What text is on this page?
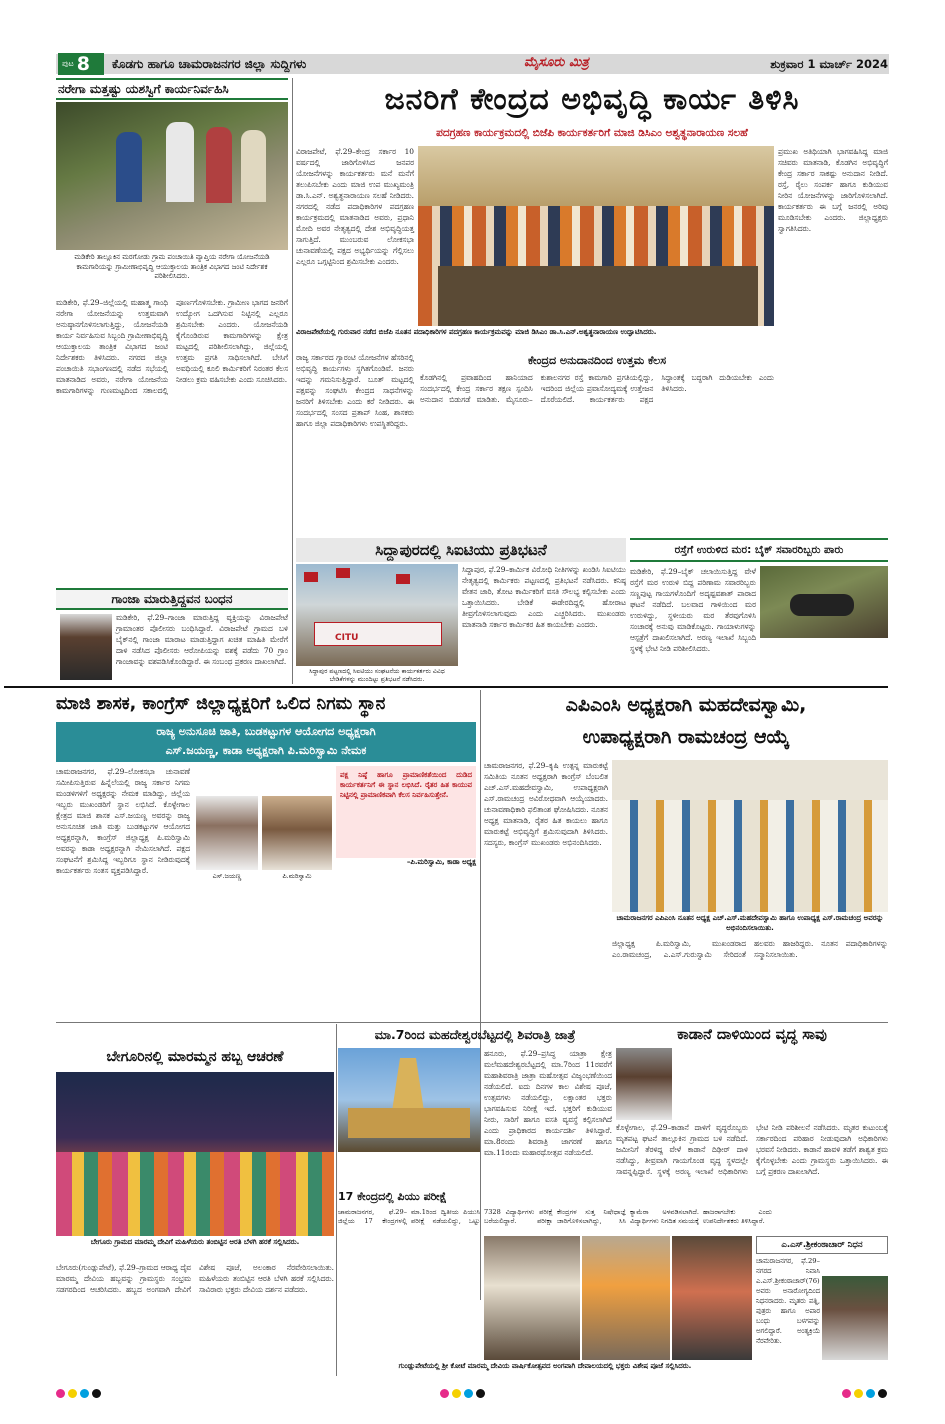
ಪುಟ 8 ಕೊಡಗು ಹಾಗೂ ಚಾಮರಾಜನಗರ ಜಿಲ್ಲಾ ಸುದ್ದಿಗಳು	ಮೈಸೂರು ಮಿತ್ರ	ಶುಕ್ರವಾರ 1 ಮಾರ್ಚ್ 2024
ನರೇಗಾ ಮತ್ತಷ್ಟು ಯಶಸ್ವಿಗೆ ಕಾರ್ಯನಿರ್ವಹಿಸಿ
ಮಡಿಕೇರಿ ತಾಲ್ಲೂಕಿನ ಮರಗೋಡು ಗ್ರಾಮ ಪಂಚಾಯಿತಿ ವ್ಯಾಪ್ತಿಯ ನರೇಗಾ ಯೋಜನೆಯಡಿ ಕಾಮಗಾರಿಯನ್ನು ಗ್ರಾಮೀಣಾಭಿವೃದ್ಧಿ ಆಯುಕ್ತಾಲಯ ತಾಂತ್ರಿಕ ವಿಭಾಗದ ಜಂಟಿ ನಿರ್ದೇಶಕ ಪರಿಶೀಲಿಸಿದರು.
ಮಡಿಕೇರಿ, ಫೆ.29–ಜಿಲ್ಲೆಯಲ್ಲಿ ಮಹಾತ್ಮ ಗಾಂಧಿ ನರೇಗಾ ಯೋಜನೆಯನ್ನು ಉತ್ತಮವಾಗಿ ಅನುಷ್ಠಾನಗೊಳಿಸಲಾಗುತ್ತಿದ್ದು, ಯೋಜನೆಯಡಿ ಕಾರ್ಯ ನಿರ್ವಹಿಸುವ ಸಿಬ್ಬಂದಿ ಗ್ರಾಮೀಣಾಭಿವೃದ್ಧಿ ಆಯುಕ್ತಾಲಯ ತಾಂತ್ರಿಕ ವಿಭಾಗದ ಜಂಟಿ ನಿರ್ದೇಶಕರು ತಿಳಿಸಿದರು. ನಗರದ ಜಿಲ್ಲಾ ಪಂಚಾಯಿತಿ ಸಭಾಂಗಣದಲ್ಲಿ ನಡೆದ ಸಭೆಯಲ್ಲಿ ಮಾತನಾಡಿದ ಅವರು, ನರೇಗಾ ಯೋಜನೆಯ ಕಾಮಗಾರಿಗಳನ್ನು ಗುಣಮಟ್ಟದಿಂದ ಸಕಾಲದಲ್ಲಿ ಪೂರ್ಣಗೊಳಿಸಬೇಕು. ಗ್ರಾಮೀಣ ಭಾಗದ ಜನರಿಗೆ ಉದ್ಯೋಗ ಒದಗಿಸುವ ನಿಟ್ಟಿನಲ್ಲಿ ಎಲ್ಲರೂ ಶ್ರಮಿಸಬೇಕು ಎಂದರು. ಯೋಜನೆಯಡಿ ಕೈಗೊಂಡಿರುವ ಕಾಮಗಾರಿಗಳನ್ನು ಕ್ಷೇತ್ರ ಮಟ್ಟದಲ್ಲಿ ಪರಿಶೀಲಿಸಲಾಗಿದ್ದು, ಜಿಲ್ಲೆಯಲ್ಲಿ ಉತ್ತಮ ಪ್ರಗತಿ ಸಾಧಿಸಲಾಗಿದೆ. ಬೇಸಿಗೆ ಅವಧಿಯಲ್ಲಿ ಕೂಲಿ ಕಾರ್ಮಿಕರಿಗೆ ನಿರಂತರ ಕೆಲಸ ನೀಡಲು ಕ್ರಮ ವಹಿಸಬೇಕು ಎಂದು ಸೂಚಿಸಿದರು.
ಗಾಂಜಾ ಮಾರುತ್ತಿದ್ದವನ ಬಂಧನ
ಮಡಿಕೇರಿ, ಫೆ.29–ಗಾಂಜಾ ಮಾರುತ್ತಿದ್ದ ವ್ಯಕ್ತಿಯನ್ನು ವಿರಾಜಪೇಟೆ ಗ್ರಾಮಾಂತರ ಪೊಲೀಸರು ಬಂಧಿಸಿದ್ದಾರೆ. ವಿರಾಜಪೇಟೆ ಗ್ರಾಮದ ಬಳಿ ಬೈಕ್‌ನಲ್ಲಿ ಗಾಂಜಾ ಮಾರಾಟ ಮಾಡುತ್ತಿದ್ದಾಗ ಖಚಿತ ಮಾಹಿತಿ ಮೇರೆಗೆ ದಾಳಿ ನಡೆಸಿದ ಪೊಲೀಸರು ಆರೋಪಿಯನ್ನು ವಶಕ್ಕೆ ಪಡೆದು 70 ಗ್ರಾಂ ಗಾಂಜಾವನ್ನು ವಶಪಡಿಸಿಕೊಂಡಿದ್ದಾರೆ. ಈ ಸಂಬಂಧ ಪ್ರಕರಣ ದಾಖಲಾಗಿದೆ.
ಜನರಿಗೆ ಕೇಂದ್ರದ ಅಭಿವೃದ್ಧಿ ಕಾರ್ಯ ತಿಳಿಸಿ
ಪದಗ್ರಹಣ ಕಾರ್ಯಕ್ರಮದಲ್ಲಿ ಬಿಜೆಪಿ ಕಾರ್ಯಕರ್ತರಿಗೆ ಮಾಜಿ ಡಿಸಿಎಂ ಅಶ್ವತ್ಥನಾರಾಯಣ ಸಲಹೆ
ವಿರಾಜಪೇಟೆ, ಫೆ.29–ಕೇಂದ್ರ ಸರ್ಕಾರ 10 ವರ್ಷದಲ್ಲಿ ಜಾರಿಗೊಳಿಸಿದ ಜನಪರ ಯೋಜನೆಗಳನ್ನು ಕಾರ್ಯಕರ್ತರು ಮನೆ ಮನೆಗೆ ತಲುಪಿಸಬೇಕು ಎಂದು ಮಾಜಿ ಉಪ ಮುಖ್ಯಮಂತ್ರಿ ಡಾ.ಸಿ.ಎನ್. ಅಶ್ವತ್ಥನಾರಾಯಣ ಸಲಹೆ ನೀಡಿದರು. ನಗರದಲ್ಲಿ ನಡೆದ ಪದಾಧಿಕಾರಿಗಳ ಪದಗ್ರಹಣ ಕಾರ್ಯಕ್ರಮದಲ್ಲಿ ಮಾತನಾಡಿದ ಅವರು, ಪ್ರಧಾನಿ ಮೋದಿ ಅವರ ನೇತೃತ್ವದಲ್ಲಿ ದೇಶ ಅಭಿವೃದ್ಧಿಯತ್ತ ಸಾಗುತ್ತಿದೆ. ಮುಂಬರುವ ಲೋಕಸಭಾ ಚುನಾವಣೆಯಲ್ಲಿ ಪಕ್ಷದ ಅಭ್ಯರ್ಥಿಯನ್ನು ಗೆಲ್ಲಿಸಲು ಎಲ್ಲರೂ ಒಗ್ಗಟ್ಟಿನಿಂದ ಶ್ರಮಿಸಬೇಕು ಎಂದರು.
ಪ್ರಮುಖ ಅತಿಥಿಯಾಗಿ ಭಾಗವಹಿಸಿದ್ದ ಮಾಜಿ ಸಚಿವರು ಮಾತನಾಡಿ, ಕೊಡಗಿನ ಅಭಿವೃದ್ಧಿಗೆ ಕೇಂದ್ರ ಸರ್ಕಾರ ಸಾಕಷ್ಟು ಅನುದಾನ ನೀಡಿದೆ. ರಸ್ತೆ, ರೈಲು ಸಂಪರ್ಕ ಹಾಗೂ ಕುಡಿಯುವ ನೀರಿನ ಯೋಜನೆಗಳನ್ನು ಜಾರಿಗೊಳಿಸಲಾಗಿದೆ. ಕಾರ್ಯಕರ್ತರು ಈ ಬಗ್ಗೆ ಜನರಲ್ಲಿ ಅರಿವು ಮೂಡಿಸಬೇಕು ಎಂದರು. ಜಿಲ್ಲಾಧ್ಯಕ್ಷರು ಸ್ವಾಗತಿಸಿದರು.
ವಿರಾಜಪೇಟೆಯಲ್ಲಿ ಗುರುವಾರ ನಡೆದ ಬಿಜೆಪಿ ನೂತನ ಪದಾಧಿಕಾರಿಗಳ ಪದಗ್ರಹಣ ಕಾರ್ಯಕ್ರಮವನ್ನು ಮಾಜಿ ಡಿಸಿಎಂ ಡಾ.ಸಿ.ಎನ್.ಅಶ್ವತ್ಥನಾರಾಯಣ ಉದ್ಘಾಟಿಸಿದರು.
ರಾಜ್ಯ ಸರ್ಕಾರದ ಗ್ಯಾರಂಟಿ ಯೋಜನೆಗಳ ಹೆಸರಿನಲ್ಲಿ ಅಭಿವೃದ್ಧಿ ಕಾರ್ಯಗಳು ಸ್ಥಗಿತಗೊಂಡಿವೆ. ಜನರು ಇದನ್ನು ಗಮನಿಸುತ್ತಿದ್ದಾರೆ. ಬೂತ್ ಮಟ್ಟದಲ್ಲಿ ಪಕ್ಷವನ್ನು ಸಂಘಟಿಸಿ ಕೇಂದ್ರದ ಸಾಧನೆಗಳನ್ನು ಜನರಿಗೆ ತಿಳಿಸಬೇಕು ಎಂದು ಕರೆ ನೀಡಿದರು. ಈ ಸಂದರ್ಭದಲ್ಲಿ ಸಂಸದ ಪ್ರತಾಪ್ ಸಿಂಹ, ಶಾಸಕರು ಹಾಗೂ ಜಿಲ್ಲಾ ಪದಾಧಿಕಾರಿಗಳು ಉಪಸ್ಥಿತರಿದ್ದರು.
ಕೇಂದ್ರದ ಅನುದಾನದಿಂದ ಉತ್ತಮ ಕೆಲಸ
ಕೊಡಗಿನಲ್ಲಿ ಪ್ರವಾಹದಿಂದ ಹಾನಿಯಾದ ಸಂದರ್ಭದಲ್ಲಿ ಕೇಂದ್ರ ಸರ್ಕಾರ ತಕ್ಷಣ ಸ್ಪಂದಿಸಿ ಅನುದಾನ ಬಿಡುಗಡೆ ಮಾಡಿತು. ಮೈಸೂರು–ಕುಶಾಲನಗರ ರಸ್ತೆ ಕಾಮಗಾರಿ ಪ್ರಗತಿಯಲ್ಲಿದ್ದು, ಇದರಿಂದ ಜಿಲ್ಲೆಯ ಪ್ರವಾಸೋದ್ಯಮಕ್ಕೆ ಉತ್ತೇಜನ ದೊರೆಯಲಿದೆ. ಕಾರ್ಯಕರ್ತರು ಪಕ್ಷದ ಸಿದ್ಧಾಂತಕ್ಕೆ ಬದ್ಧರಾಗಿ ದುಡಿಯಬೇಕು ಎಂದು ತಿಳಿಸಿದರು.
ಸಿದ್ದಾಪುರದಲ್ಲಿ ಸಿಐಟಿಯು ಪ್ರತಿಭಟನೆ
CITU
ಸಿದ್ದಾಪುರ, ಫೆ.29–ಕಾರ್ಮಿಕ ವಿರೋಧಿ ನೀತಿಗಳನ್ನು ಖಂಡಿಸಿ ಸಿಐಟಿಯು ನೇತೃತ್ವದಲ್ಲಿ ಕಾರ್ಮಿಕರು ಪಟ್ಟಣದಲ್ಲಿ ಪ್ರತಿಭಟನೆ ನಡೆಸಿದರು. ಕನಿಷ್ಠ ವೇತನ ಜಾರಿ, ತೋಟ ಕಾರ್ಮಿಕರಿಗೆ ವಸತಿ ಸೌಲಭ್ಯ ಕಲ್ಪಿಸಬೇಕು ಎಂದು ಒತ್ತಾಯಿಸಿದರು. ಬೇಡಿಕೆ ಈಡೇರದಿದ್ದಲ್ಲಿ ಹೋರಾಟ ತೀವ್ರಗೊಳಿಸಲಾಗುವುದು ಎಂದು ಎಚ್ಚರಿಸಿದರು. ಮುಖಂಡರು ಮಾತನಾಡಿ ಸರ್ಕಾರ ಕಾರ್ಮಿಕರ ಹಿತ ಕಾಯಬೇಕು ಎಂದರು.
ಸಿದ್ದಾಪುರ ಪಟ್ಟಣದಲ್ಲಿ ಸಿಐಟಿಯು ಸಂಘಟನೆಯ ಕಾರ್ಯಕರ್ತರು ವಿವಿಧ ಬೇಡಿಕೆಗಳನ್ನು ಮುಂದಿಟ್ಟು ಪ್ರತಿಭಟನೆ ನಡೆಸಿದರು.
ರಸ್ತೆಗೆ ಉರುಳಿದ ಮರ: ಬೈಕ್ ಸವಾರರಿಬ್ಬರು ಪಾರು
ಮಡಿಕೇರಿ, ಫೆ.29–ಬೈಕ್ ಚಲಾಯಿಸುತ್ತಿದ್ದ ವೇಳೆ ರಸ್ತೆಗೆ ಮರ ಉರುಳಿ ಬಿದ್ದ ಪರಿಣಾಮ ಸವಾರರಿಬ್ಬರು ಸಣ್ಣಪುಟ್ಟ ಗಾಯಗಳೊಂದಿಗೆ ಅದೃಷ್ಟವಶಾತ್ ಪಾರಾದ ಘಟನೆ ನಡೆದಿದೆ. ಬಲವಾದ ಗಾಳಿಯಿಂದ ಮರ ಉರುಳಿದ್ದು, ಸ್ಥಳೀಯರು ಮರ ತೆರವುಗೊಳಿಸಿ ಸಂಚಾರಕ್ಕೆ ಅನುವು ಮಾಡಿಕೊಟ್ಟರು. ಗಾಯಾಳುಗಳನ್ನು ಆಸ್ಪತ್ರೆಗೆ ದಾಖಲಿಸಲಾಗಿದೆ. ಅರಣ್ಯ ಇಲಾಖೆ ಸಿಬ್ಬಂದಿ ಸ್ಥಳಕ್ಕೆ ಭೇಟಿ ನೀಡಿ ಪರಿಶೀಲಿಸಿದರು.
ಮಾಜಿ ಶಾಸಕ, ಕಾಂಗ್ರೆಸ್ ಜಿಲ್ಲಾಧ್ಯಕ್ಷರಿಗೆ ಒಲಿದ ನಿಗಮ ಸ್ಥಾನ
ರಾಜ್ಯ ಅನುಸೂಚಿ ಜಾತಿ, ಬುಡಕಟ್ಟುಗಳ ಆಯೋಗದ ಅಧ್ಯಕ್ಷರಾಗಿ
ಎಸ್.ಜಯಣ್ಣ, ಕಾಡಾ ಅಧ್ಯಕ್ಷರಾಗಿ ಪಿ.ಮರಿಸ್ವಾಮಿ ನೇಮಕ
ಚಾಮರಾಜನಗರ, ಫೆ.29–ಲೋಕಸಭಾ ಚುನಾವಣೆ ಸಮೀಪಿಸುತ್ತಿರುವ ಹಿನ್ನೆಲೆಯಲ್ಲಿ ರಾಜ್ಯ ಸರ್ಕಾರ ನಿಗಮ ಮಂಡಳಿಗಳಿಗೆ ಅಧ್ಯಕ್ಷರನ್ನು ನೇಮಕ ಮಾಡಿದ್ದು, ಜಿಲ್ಲೆಯ ಇಬ್ಬರು ಮುಖಂಡರಿಗೆ ಸ್ಥಾನ ಲಭಿಸಿದೆ. ಕೊಳ್ಳೇಗಾಲ ಕ್ಷೇತ್ರದ ಮಾಜಿ ಶಾಸಕ ಎಸ್.ಜಯಣ್ಣ ಅವರನ್ನು ರಾಜ್ಯ ಅನುಸೂಚಿತ ಜಾತಿ ಮತ್ತು ಬುಡಕಟ್ಟುಗಳ ಆಯೋಗದ ಅಧ್ಯಕ್ಷರನ್ನಾಗಿ, ಕಾಂಗ್ರೆಸ್ ಜಿಲ್ಲಾಧ್ಯಕ್ಷ ಪಿ.ಮರಿಸ್ವಾಮಿ ಅವರನ್ನು ಕಾಡಾ ಅಧ್ಯಕ್ಷರನ್ನಾಗಿ ನೇಮಿಸಲಾಗಿದೆ. ಪಕ್ಷದ ಸಂಘಟನೆಗೆ ಶ್ರಮಿಸಿದ್ದ ಇಬ್ಬರಿಗೂ ಸ್ಥಾನ ನೀಡಿರುವುದಕ್ಕೆ ಕಾರ್ಯಕರ್ತರು ಸಂತಸ ವ್ಯಕ್ತಪಡಿಸಿದ್ದಾರೆ.
ಎಸ್.ಜಯಣ್ಣ	ಪಿ.ಮರಿಸ್ವಾಮಿ
ಪಕ್ಷ ನಿಷ್ಠೆ ಹಾಗೂ ಪ್ರಾಮಾಣಿಕತೆಯಿಂದ ದುಡಿದ ಕಾರ್ಯಕರ್ತನಿಗೆ ಈ ಸ್ಥಾನ ಲಭಿಸಿದೆ. ರೈತರ ಹಿತ ಕಾಯುವ ನಿಟ್ಟಿನಲ್ಲಿ ಪ್ರಾಮಾಣಿಕವಾಗಿ ಕೆಲಸ ನಿರ್ವಹಿಸುತ್ತೇನೆ.
–ಪಿ.ಮರಿಸ್ವಾಮಿ, ಕಾಡಾ ಅಧ್ಯಕ್ಷ
ಎಪಿಎಂಸಿ ಅಧ್ಯಕ್ಷರಾಗಿ ಮಹದೇವಸ್ವಾಮಿ,
ಉಪಾಧ್ಯಕ್ಷರಾಗಿ ರಾಮಚಂದ್ರ ಆಯ್ಕೆ
ಚಾಮರಾಜನಗರ, ಫೆ.29–ಕೃಷಿ ಉತ್ಪನ್ನ ಮಾರುಕಟ್ಟೆ ಸಮಿತಿಯ ನೂತನ ಅಧ್ಯಕ್ಷರಾಗಿ ಕಾಂಗ್ರೆಸ್ ಬೆಂಬಲಿತ ಎಚ್.ಎಸ್.ಮಹದೇವಸ್ವಾಮಿ, ಉಪಾಧ್ಯಕ್ಷರಾಗಿ ಎಸ್.ರಾಮಚಂದ್ರ ಅವಿರೋಧವಾಗಿ ಆಯ್ಕೆಯಾದರು. ಚುನಾವಣಾಧಿಕಾರಿ ಫಲಿತಾಂಶ ಘೋಷಿಸಿದರು. ನೂತನ ಅಧ್ಯಕ್ಷ ಮಾತನಾಡಿ, ರೈತರ ಹಿತ ಕಾಯಲು ಹಾಗೂ ಮಾರುಕಟ್ಟೆ ಅಭಿವೃದ್ಧಿಗೆ ಶ್ರಮಿಸುವುದಾಗಿ ತಿಳಿಸಿದರು. ಸದಸ್ಯರು, ಕಾಂಗ್ರೆಸ್ ಮುಖಂಡರು ಅಭಿನಂದಿಸಿದರು.
ಚಾಮರಾಜನಗರ ಎಪಿಎಂಸಿ ನೂತನ ಅಧ್ಯಕ್ಷ ಎಚ್.ಎಸ್.ಮಹದೇವಸ್ವಾಮಿ ಹಾಗೂ ಉಪಾಧ್ಯಕ್ಷ ಎಸ್.ರಾಮಚಂದ್ರ ಅವರನ್ನು ಅಭಿನಂದಿಸಲಾಯಿತು.
ಜಿಲ್ಲಾಧ್ಯಕ್ಷ ಪಿ.ಮರಿಸ್ವಾಮಿ, ಮುಖಂಡರಾದ ಎಂ.ರಾಮಚಂದ್ರ, ಎ.ಎಸ್.ಗುರುಸ್ವಾಮಿ ಸೇರಿದಂತೆ ಹಲವರು ಹಾಜರಿದ್ದರು. ನೂತನ ಪದಾಧಿಕಾರಿಗಳನ್ನು ಸನ್ಮಾನಿಸಲಾಯಿತು.
ಮಾ.7ರಿಂದ ಮಹದೇಶ್ವರಬೆಟ್ಟದಲ್ಲಿ ಶಿವರಾತ್ರಿ ಜಾತ್ರೆ
ಹನೂರು, ಫೆ.29–ಪ್ರಸಿದ್ಧ ಯಾತ್ರಾ ಕ್ಷೇತ್ರ ಮಲೆಮಹದೇಶ್ವರಬೆಟ್ಟದಲ್ಲಿ ಮಾ.7ರಿಂದ 11ರವರೆಗೆ ಮಹಾಶಿವರಾತ್ರಿ ಜಾತ್ರಾ ಮಹೋತ್ಸವ ವಿಜೃಂಭಣೆಯಿಂದ ನಡೆಯಲಿದೆ. ಐದು ದಿನಗಳ ಕಾಲ ವಿಶೇಷ ಪೂಜೆ, ಉತ್ಸವಗಳು ನಡೆಯಲಿದ್ದು, ಲಕ್ಷಾಂತರ ಭಕ್ತರು ಭಾಗವಹಿಸುವ ನಿರೀಕ್ಷೆ ಇದೆ. ಭಕ್ತರಿಗೆ ಕುಡಿಯುವ ನೀರು, ಸಾರಿಗೆ ಹಾಗೂ ವಸತಿ ವ್ಯವಸ್ಥೆ ಕಲ್ಪಿಸಲಾಗಿದೆ ಎಂದು ಪ್ರಾಧಿಕಾರದ ಕಾರ್ಯದರ್ಶಿ ತಿಳಿಸಿದ್ದಾರೆ. ಮಾ.8ರಂದು ಶಿವರಾತ್ರಿ ಜಾಗರಣೆ ಹಾಗೂ ಮಾ.11ರಂದು ಮಹಾರಥೋತ್ಸವ ನಡೆಯಲಿದೆ.
17 ಕೇಂದ್ರದಲ್ಲಿ ಪಿಯು ಪರೀಕ್ಷೆ
ಚಾಮರಾಜನಗರ, ಫೆ.29–ಜಿಲ್ಲೆಯ 17 ಕೇಂದ್ರಗಳಲ್ಲಿ ಮಾ.1ರಿಂದ ದ್ವಿತೀಯ ಪಿಯುಸಿ ಪರೀಕ್ಷೆ ನಡೆಯಲಿದ್ದು, ಒಟ್ಟು 7328 ವಿದ್ಯಾರ್ಥಿಗಳು ಪರೀಕ್ಷೆ ಬರೆಯಲಿದ್ದಾರೆ. ಪರೀಕ್ಷಾ ಕೇಂದ್ರಗಳ ಸುತ್ತ ನಿಷೇಧಾಜ್ಞೆ ಜಾರಿಗೊಳಿಸಲಾಗಿದ್ದು, ಸಿಸಿ ಕ್ಯಾಮೆರಾ ಅಳವಡಿಸಲಾಗಿದೆ. ವಿದ್ಯಾರ್ಥಿಗಳು ನಿಗದಿತ ಸಮಯಕ್ಕೆ ಹಾಜರಾಗಬೇಕು ಎಂದು ಉಪನಿರ್ದೇಶಕರು ತಿಳಿಸಿದ್ದಾರೆ.
ಬೇಗೂರಿನಲ್ಲಿ ಮಾರಮ್ಮನ ಹಬ್ಬ ಆಚರಣೆ
ಬೇಗೂರು ಗ್ರಾಮದ ಮಾರಮ್ಮ ದೇವಿಗೆ ಮಹಿಳೆಯರು ತಂಬಿಟ್ಟಿನ ಆರತಿ ಬೆಳಗಿ ಹರಕೆ ಸಲ್ಲಿಸಿದರು.
ಬೇಗೂರು(ಗುಂಡ್ಲುಪೇಟೆ), ಫೆ.29–ಗ್ರಾಮದ ಆರಾಧ್ಯ ದೈವ ಮಾರಮ್ಮ ದೇವಿಯ ಹಬ್ಬವನ್ನು ಗ್ರಾಮಸ್ಥರು ಸಂಭ್ರಮ ಸಡಗರದಿಂದ ಆಚರಿಸಿದರು. ಹಬ್ಬದ ಅಂಗವಾಗಿ ದೇವಿಗೆ ವಿಶೇಷ ಪೂಜೆ, ಅಲಂಕಾರ ನೆರವೇರಿಸಲಾಯಿತು. ಮಹಿಳೆಯರು ತಂಬಿಟ್ಟಿನ ಆರತಿ ಬೆಳಗಿ ಹರಕೆ ಸಲ್ಲಿಸಿದರು. ಸಾವಿರಾರು ಭಕ್ತರು ದೇವಿಯ ದರ್ಶನ ಪಡೆದರು.
ಗುಂಡ್ಲುಪೇಟೆಯಲ್ಲಿ ಶ್ರೀ ಕೋಟೆ ಮಾರಮ್ಮ ದೇವಿಯ ವಾರ್ಷಿಕೋತ್ಸವದ ಅಂಗವಾಗಿ ದೇವಾಲಯದಲ್ಲಿ ಭಕ್ತರು ವಿಶೇಷ ಪೂಜೆ ಸಲ್ಲಿಸಿದರು.
ಕಾಡಾನೆ ದಾಳಿಯಿಂದ ವೃದ್ಧ ಸಾವು
ಕೊಳ್ಳೇಗಾಲ, ಫೆ.29–ಕಾಡಾನೆ ದಾಳಿಗೆ ವೃದ್ಧರೊಬ್ಬರು ಮೃತಪಟ್ಟ ಘಟನೆ ತಾಲ್ಲೂಕಿನ ಗ್ರಾಮದ ಬಳಿ ನಡೆದಿದೆ. ಜಮೀನಿಗೆ ತೆರಳಿದ್ದ ವೇಳೆ ಕಾಡಾನೆ ದಿಢೀರ್ ದಾಳಿ ನಡೆಸಿದ್ದು, ತೀವ್ರವಾಗಿ ಗಾಯಗೊಂಡ ವೃದ್ಧ ಸ್ಥಳದಲ್ಲೇ ಸಾವನ್ನಪ್ಪಿದ್ದಾರೆ. ಸ್ಥಳಕ್ಕೆ ಅರಣ್ಯ ಇಲಾಖೆ ಅಧಿಕಾರಿಗಳು ಭೇಟಿ ನೀಡಿ ಪರಿಶೀಲನೆ ನಡೆಸಿದರು. ಮೃತರ ಕುಟುಂಬಕ್ಕೆ ಸರ್ಕಾರದಿಂದ ಪರಿಹಾರ ನೀಡುವುದಾಗಿ ಅಧಿಕಾರಿಗಳು ಭರವಸೆ ನೀಡಿದರು. ಕಾಡಾನೆ ಹಾವಳಿ ತಡೆಗೆ ಶಾಶ್ವತ ಕ್ರಮ ಕೈಗೊಳ್ಳಬೇಕು ಎಂದು ಗ್ರಾಮಸ್ಥರು ಒತ್ತಾಯಿಸಿದರು. ಈ ಬಗ್ಗೆ ಪ್ರಕರಣ ದಾಖಲಾಗಿದೆ.
ಎ.ಎಸ್.ಶ್ರೀಕಂಠಾಚಾರ್ ನಿಧನ
ಚಾಮರಾಜನಗರ, ಫೆ.29–ನಗರದ ನಿವಾಸಿ ಎ.ಎಸ್.ಶ್ರೀಕಂಠಾಚಾರ್(76) ಅವರು ಅನಾರೋಗ್ಯದಿಂದ ನಿಧನರಾದರು. ಮೃತರು ಪತ್ನಿ, ಪುತ್ರರು ಹಾಗೂ ಅಪಾರ ಬಂಧು ಬಳಗವನ್ನು ಅಗಲಿದ್ದಾರೆ. ಅಂತ್ಯಕ್ರಿಯೆ ನೆರವೇರಿತು.
